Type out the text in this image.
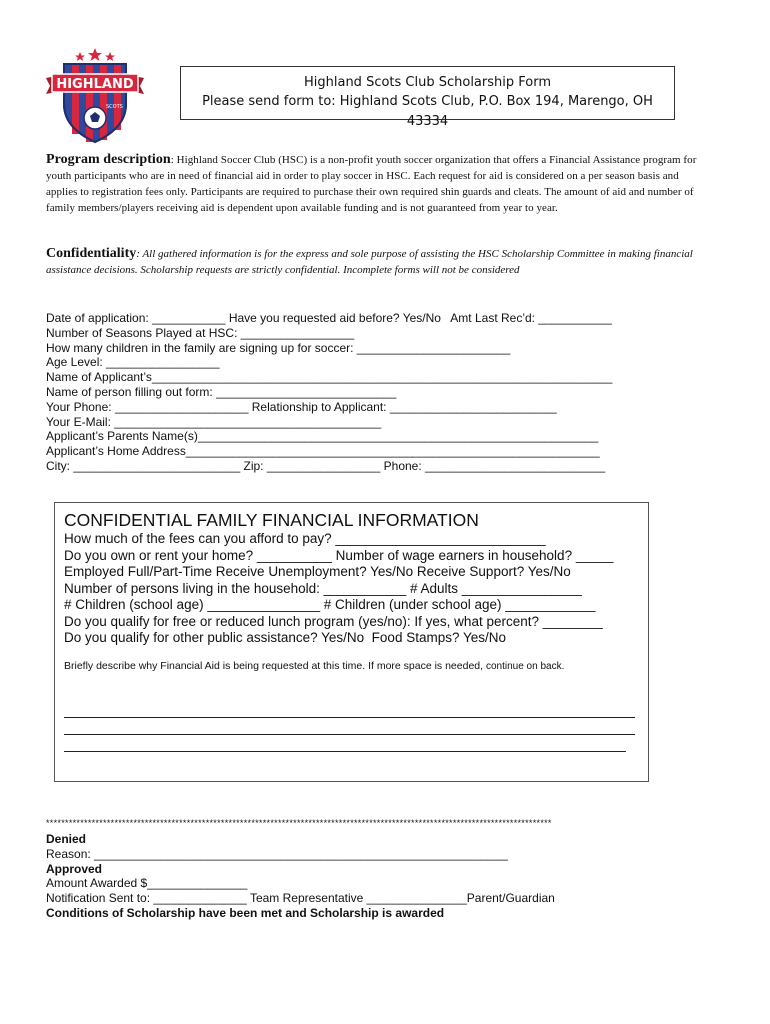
HIGHLAND
SCOTS
Highland Scots Club Scholarship Form
Please send form to: Highland Scots Club, P.O. Box 194, Marengo, OH 43334
Program description: Highland Soccer Club (HSC) is a non-profit youth soccer organization that offers a Financial Assistance program for youth participants who are in need of financial aid in order to play soccer in HSC. Each request for aid is considered on a per season basis and applies to registration fees only. Participants are required to purchase their own required shin guards and cleats. The amount of aid and number of family members/players receiving aid is dependent upon available funding and is not guaranteed from year to year.
Confidentiality: All gathered information is for the express and sole purpose of assisting the HSC Scholarship Committee in making financial assistance decisions. Scholarship requests are strictly confidential. Incomplete forms will not be considered
Date of application: ___________ Have you requested aid before? Yes/No   Amt Last Rec’d: ___________
Number of Seasons Played at HSC: _________________
How many children in the family are signing up for soccer: _______________________
Age Level: _________________
Name of Applicant’s_____________________________________________________________________
Name of person filling out form: ___________________________
Your Phone: ____________________ Relationship to Applicant: _________________________
Your E-Mail: ________________________________________
Applicant’s Parents Name(s)____________________________________________________________
Applicant’s Home Address______________________________________________________________
City: _________________________ Zip: _________________ Phone: ___________________________
CONFIDENTIAL FAMILY FINANCIAL INFORMATION
How much of the fees can you afford to pay? ____________________________
Do you own or rent your home? __________ Number of wage earners in household? _____
Employed Full/Part-Time Receive Unemployment? Yes/No Receive Support? Yes/No
Number of persons living in the household: ___________ # Adults ________________
# Children (school age) _______________ # Children (under school age) ____________
Do you qualify for free or reduced lunch program (yes/no): If yes, what percent? ________
Do you qualify for other public assistance? Yes/No  Food Stamps? Yes/No
Briefly describe why Financial Aid is being requested at this time. If more space is needed, continue on back.
*************************************************************************************************************************************
Denied
Reason: ______________________________________________________________
Approved
Amount Awarded $_______________
Notification Sent to: ______________ Team Representative _______________Parent/Guardian
Conditions of Scholarship have been met and Scholarship is awarded
